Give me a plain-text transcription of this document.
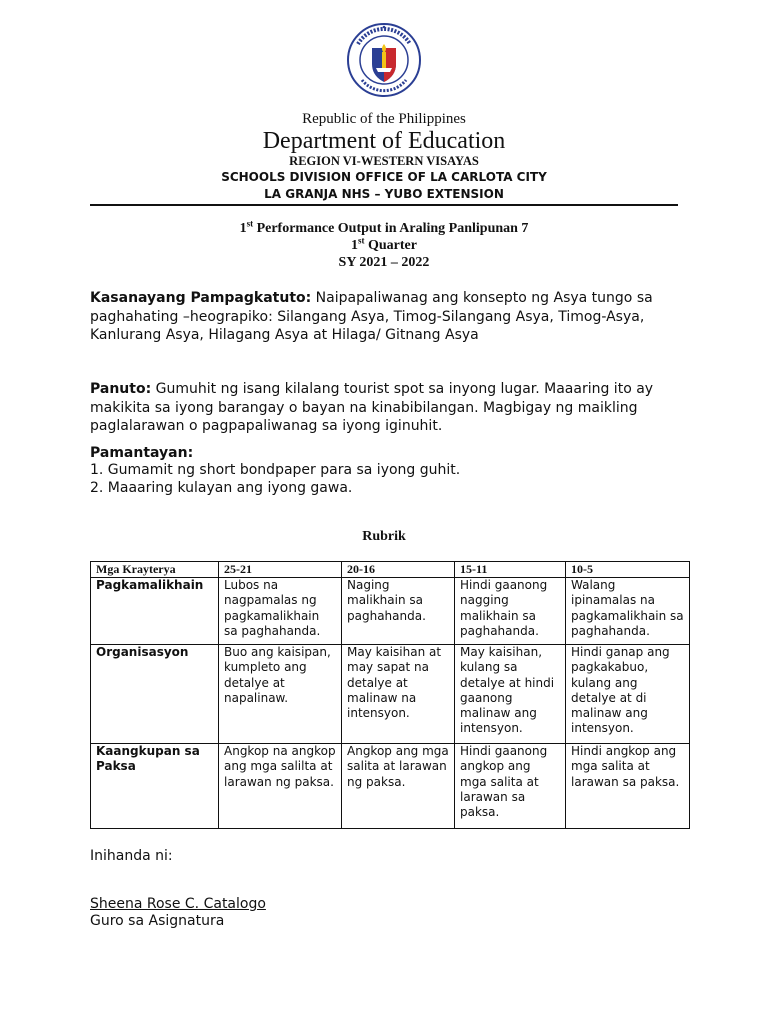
Republic of the Philippines
Department of Education
REGION VI-WESTERN VISAYAS
SCHOOLS DIVISION OFFICE OF LA CARLOTA CITY
LA GRANJA NHS – YUBO EXTENSION
1st Performance Output in Araling Panlipunan 7
1st Quarter
SY 2021 – 2022
Kasanayang Pampagkatuto: Naipapaliwanag ang konsepto ng Asya tungo sa paghahating –heograpiko: Silangang Asya, Timog-Silangang Asya, Timog-Asya, Kanlurang Asya, Hilagang Asya at Hilaga/ Gitnang Asya
Panuto: Gumuhit ng isang kilalang tourist spot sa inyong lugar. Maaaring ito ay makikita sa iyong barangay o bayan na kinabibilangan. Magbigay ng maikling paglalarawan o pagpapaliwanag sa iyong iginuhit.
Pamantayan:
1. Gumamit ng short bondpaper para sa iyong guhit.
2. Maaaring kulayan ang iyong gawa.
Rubrik
Mga Krayterya	25-21	20-16	15-11	10-5
Pagkamalikhain	Lubos na nagpamalas ng pagkamalikhain sa paghahanda.	Naging malikhain sa paghahanda.	Hindi gaanong nagging malikhain sa paghahanda.	Walang ipinamalas na pagkamalikhain sa paghahanda.
Organisasyon	Buo ang kaisipan, kumpleto ang detalye at napalinaw.	May kaisihan at may sapat na detalye at malinaw na intensyon.	May kaisihan, kulang sa detalye at hindi gaanong malinaw ang intensyon.	Hindi ganap ang pagkakabuo, kulang ang detalye at di malinaw ang intensyon.
Kaangkupan sa Paksa	Angkop na angkop ang mga salilta at larawan ng paksa.	Angkop ang mga salita at larawan ng paksa.	Hindi gaanong angkop ang mga salita at larawan sa paksa.	Hindi angkop ang mga salita at larawan sa paksa.
Inihanda ni:
Sheena Rose C. Catalogo
Guro sa Asignatura
